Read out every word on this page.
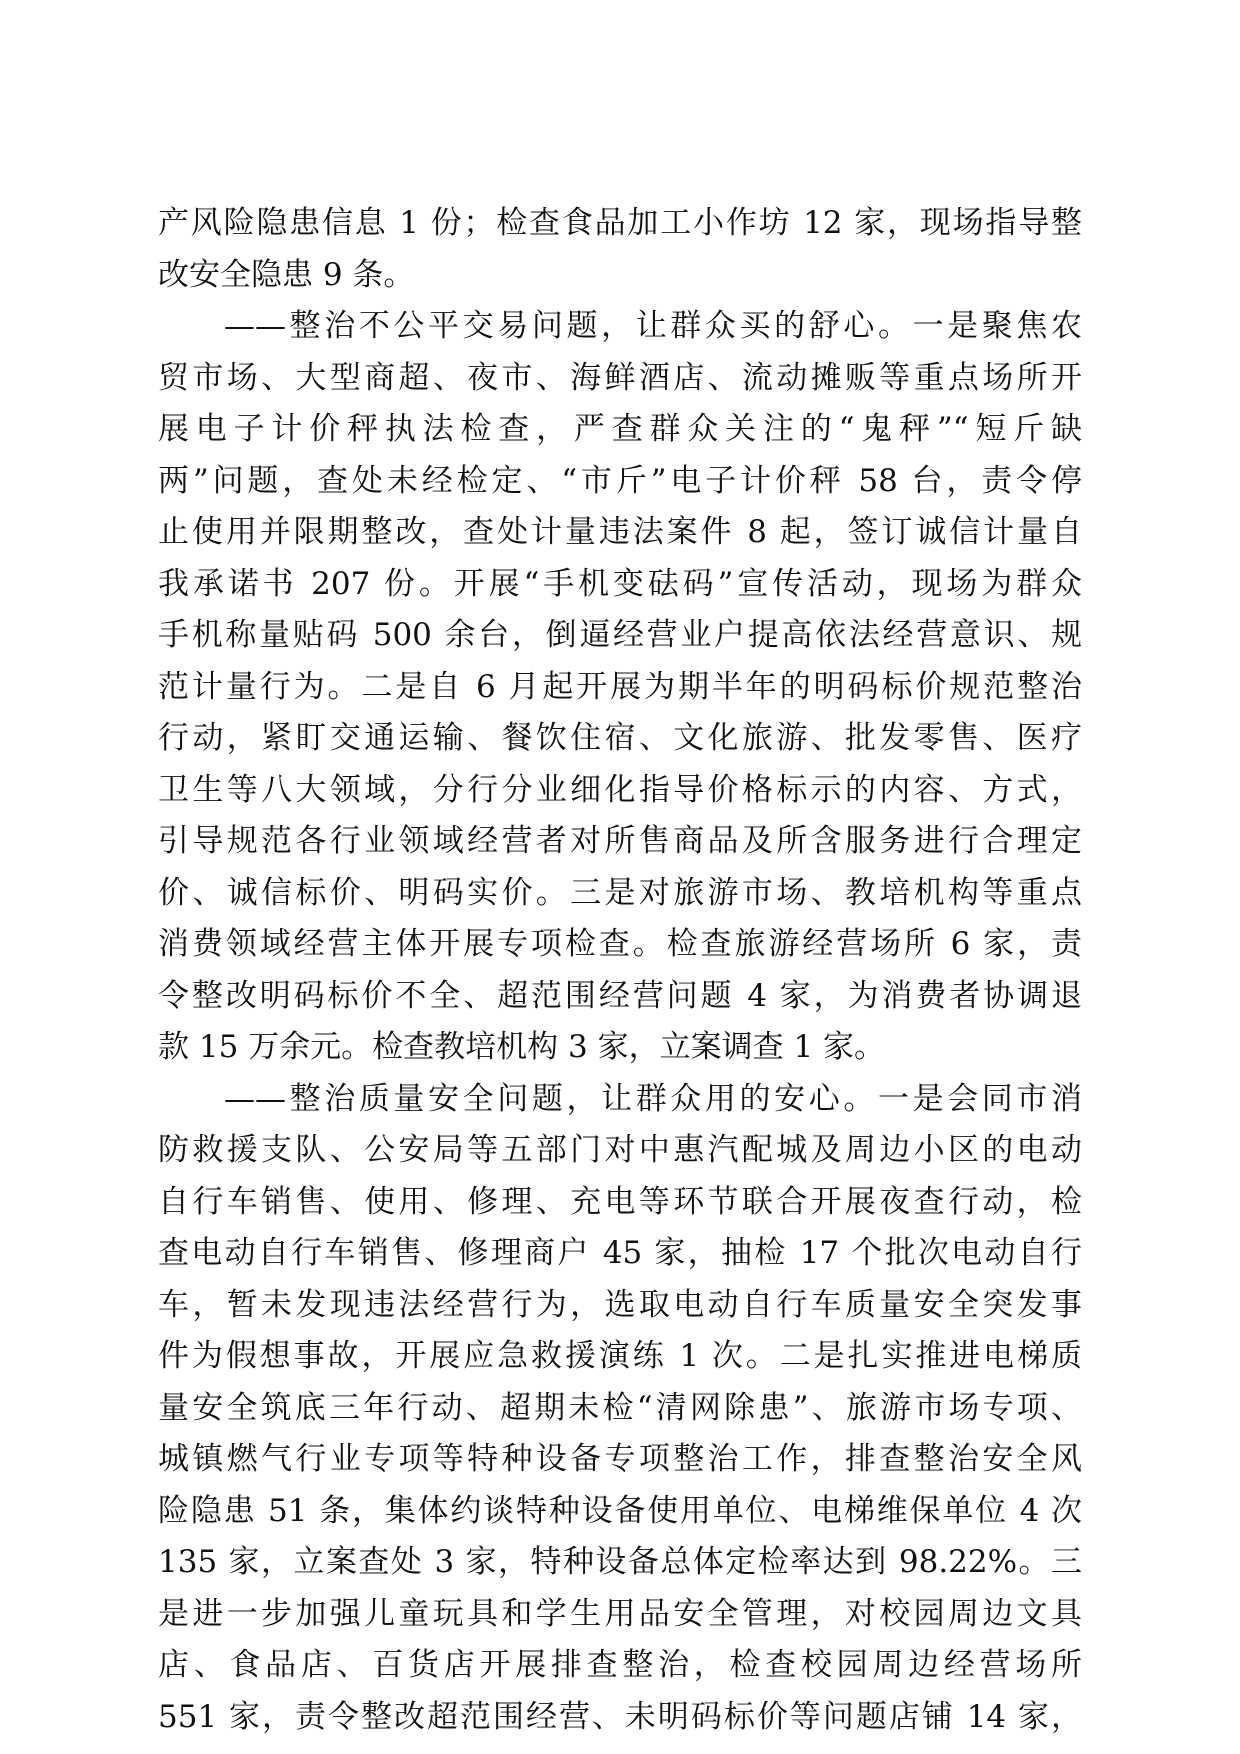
产风险隐患信息 1 份；检查食品加工小作坊 12 家，现场指导整
改安全隐患 9 条。
——整治不公平交易问题，让群众买的舒心。一是聚焦农
贸市场、大型商超、夜市、海鲜酒店、流动摊贩等重点场所开
展电子计价秤执法检查，严查群众关注的“鬼秤”“短斤缺
两”问题，查处未经检定、“市斤”电子计价秤 58 台，责令停
止使用并限期整改，查处计量违法案件 8 起，签订诚信计量自
我承诺书 207 份。开展“手机变砝码”宣传活动，现场为群众
手机称量贴码 500 余台，倒逼经营业户提高依法经营意识、规
范计量行为。二是自 6 月起开展为期半年的明码标价规范整治
行动，紧盯交通运输、餐饮住宿、文化旅游、批发零售、医疗
卫生等八大领域，分行分业细化指导价格标示的内容、方式，
引导规范各行业领域经营者对所售商品及所含服务进行合理定
价、诚信标价、明码实价。三是对旅游市场、教培机构等重点
消费领域经营主体开展专项检查。检查旅游经营场所 6 家，责
令整改明码标价不全、超范围经营问题 4 家，为消费者协调退
款 15 万余元。检查教培机构 3 家，立案调查 1 家。
——整治质量安全问题，让群众用的安心。一是会同市消
防救援支队、公安局等五部门对中惠汽配城及周边小区的电动
自行车销售、使用、修理、充电等环节联合开展夜查行动，检
查电动自行车销售、修理商户 45 家，抽检 17 个批次电动自行
车，暂未发现违法经营行为，选取电动自行车质量安全突发事
件为假想事故，开展应急救援演练 1 次。二是扎实推进电梯质
量安全筑底三年行动、超期未检“清网除患”、旅游市场专项、
城镇燃气行业专项等特种设备专项整治工作，排查整治安全风
险隐患 51 条，集体约谈特种设备使用单位、电梯维保单位 4 次
135 家，立案查处 3 家，特种设备总体定检率达到 98.22%。三
是进一步加强儿童玩具和学生用品安全管理，对校园周边文具
店、食品店、百货店开展排查整治，检查校园周边经营场所
551 家，责令整改超范围经营、未明码标价等问题店铺 14 家，
